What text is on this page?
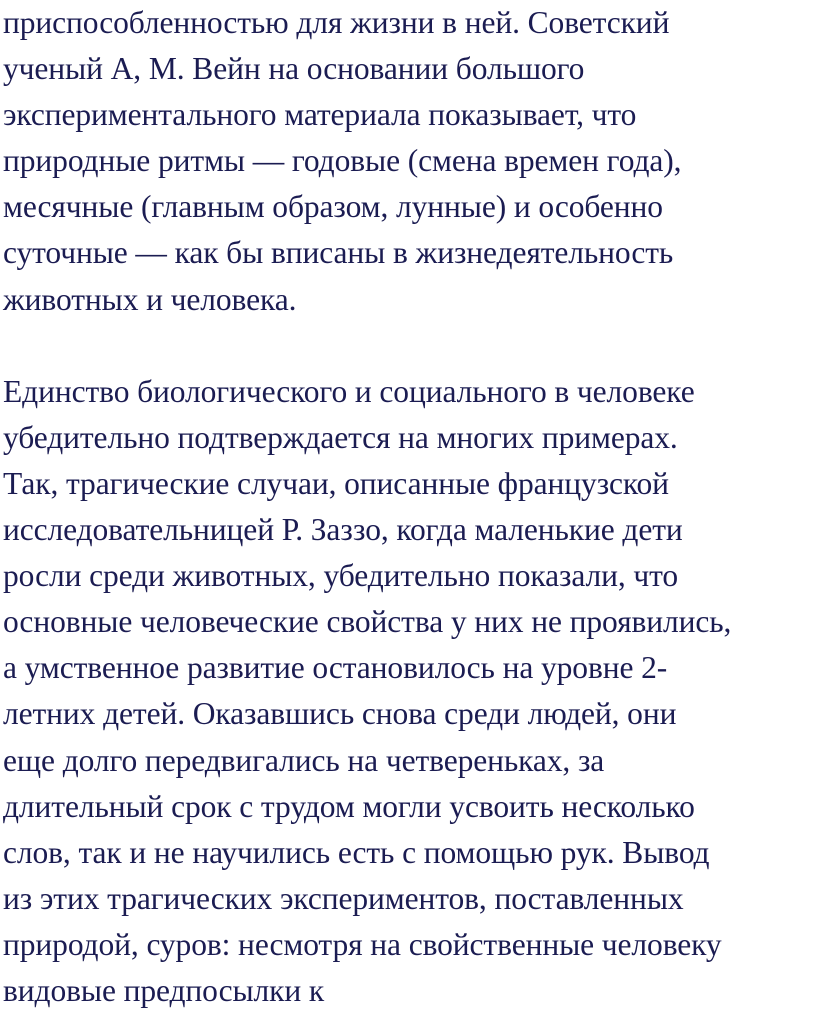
приспособленностью для жизни в ней. Советский
ученый А, М. Вейн на основании большого
экспериментального материала показывает, что
природные ритмы — годовые (смена времен года),
месячные (главным образом, лунные) и особенно
суточные — как бы вписаны в жизнедеятельность
животных и человека.

Единство биологического и социального в человеке
убедительно подтверждается на многих примерах.
Так, трагические случаи, описанные французской
исследовательницей Р. Заззо, когда маленькие дети
росли среди животных, убедительно показали, что
основные человеческие свойства у них не проявились,
а умственное развитие остановилось на уровне 2-
летних детей. Оказавшись снова среди людей, они
еще долго передвигались на четвереньках, за
длительный срок с трудом могли усвоить несколько
слов, так и не научились есть с помощью рук. Вывод
из этих трагических экспериментов, поставленных
природой, суров: несмотря на свойственные человеку
видовые предпосылки к
